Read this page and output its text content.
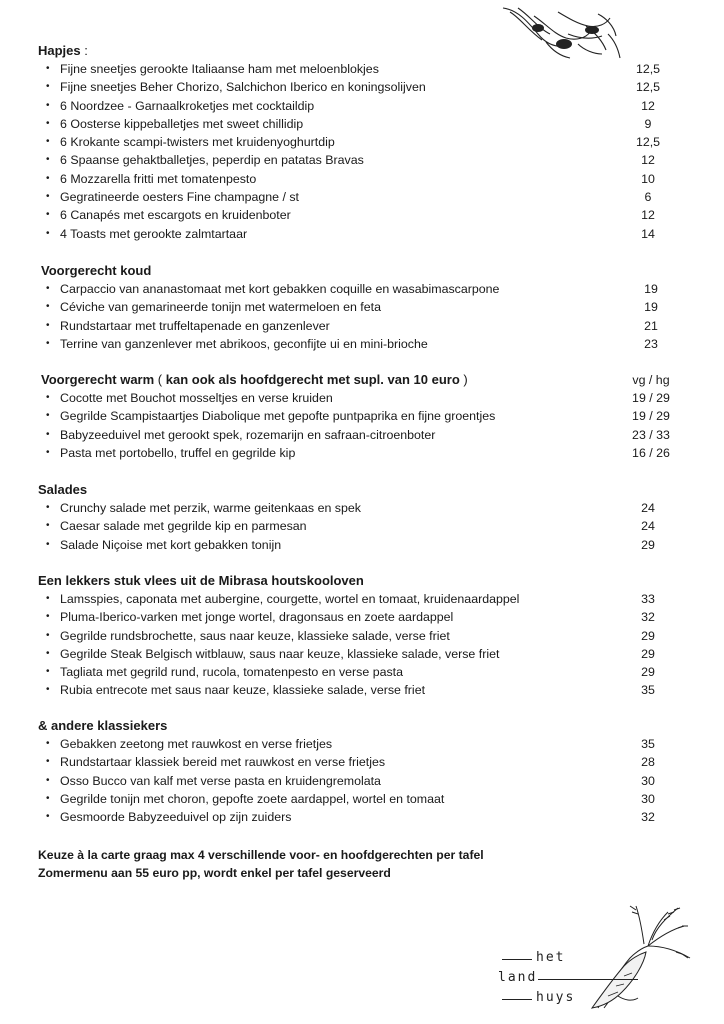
Hapjes :
• Fijne sneetjes gerookte Italiaanse ham met meloenblokjes	12,5
• Fijne sneetjes Beher Chorizo, Salchichon Iberico en koningsolijven	12,5
• 6 Noordzee - Garnaalkroketjes met cocktaildip	12
• 6 Oosterse kippeballetjes met sweet chillidip	9
• 6 Krokante scampi-twisters met kruidenyoghurtdip	12,5
• 6 Spaanse gehaktballetjes, peperdip en patatas Bravas	12
• 6 Mozzarella fritti met tomatenpesto	10
• Gegratineerde oesters Fine champagne / st	6
• 6 Canapés met escargots en kruidenboter	12
• 4 Toasts met gerookte zalmtartaar	14
Voorgerecht koud
• Carpaccio van ananastomaat met kort gebakken coquille en wasabimascarpone	19
• Céviche van gemarineerde tonijn met watermeloen en feta	19
• Rundstartaar met truffeltapenade en ganzenlever	21
• Terrine van ganzenlever met abrikoos, geconfijte ui en mini-brioche	23
Voorgerecht warm ( kan ook als hoofdgerecht met supl. van 10 euro )	vg / hg
• Cocotte met Bouchot mosseltjes en verse kruiden	19 / 29
• Gegrilde Scampistaartjes Diabolique met gepofte puntpaprika en fijne groentjes	19 / 29
• Babyzeeduivel met gerookt spek, rozemarijn en safraan-citroenboter	23 / 33
• Pasta met portobello, truffel en gegrilde kip	16 / 26
Salades
• Crunchy salade met perzik, warme geitenkaas en spek	24
• Caesar salade met gegrilde kip en parmesan	24
• Salade Niçoise met kort gebakken tonijn	29
Een lekkers stuk vlees uit de Mibrasa houtskooloven
• Lamsspies, caponata met aubergine, courgette, wortel en tomaat, kruidenaardappel	33
• Pluma-Iberico-varken met jonge wortel, dragonsaus en zoete aardappel	32
• Gegrilde rundsbrochette, saus naar keuze, klassieke salade, verse friet	29
• Gegrilde Steak Belgisch witblauw, saus naar keuze, klassieke salade, verse friet	29
• Tagliata met gegrild rund, rucola, tomatenpesto en verse pasta	29
• Rubia entrecote met saus naar keuze, klassieke salade, verse friet	35
& andere klassiekers
• Gebakken zeetong met rauwkost en verse frietjes	35
• Rundstartaar klassiek bereid met rauwkost en verse frietjes	28
• Osso Bucco van kalf met verse pasta en kruidengremolata	30
• Gegrilde tonijn met choron, gepofte zoete aardappel, wortel en tomaat	30
• Gesmoorde Babyzeeduivel op zijn zuiders	32
Keuze à la carte graag max 4 verschillende voor- en hoofdgerechten per tafel
Zomermenu aan 55 euro pp, wordt enkel per tafel geserveerd
het
land
huys
